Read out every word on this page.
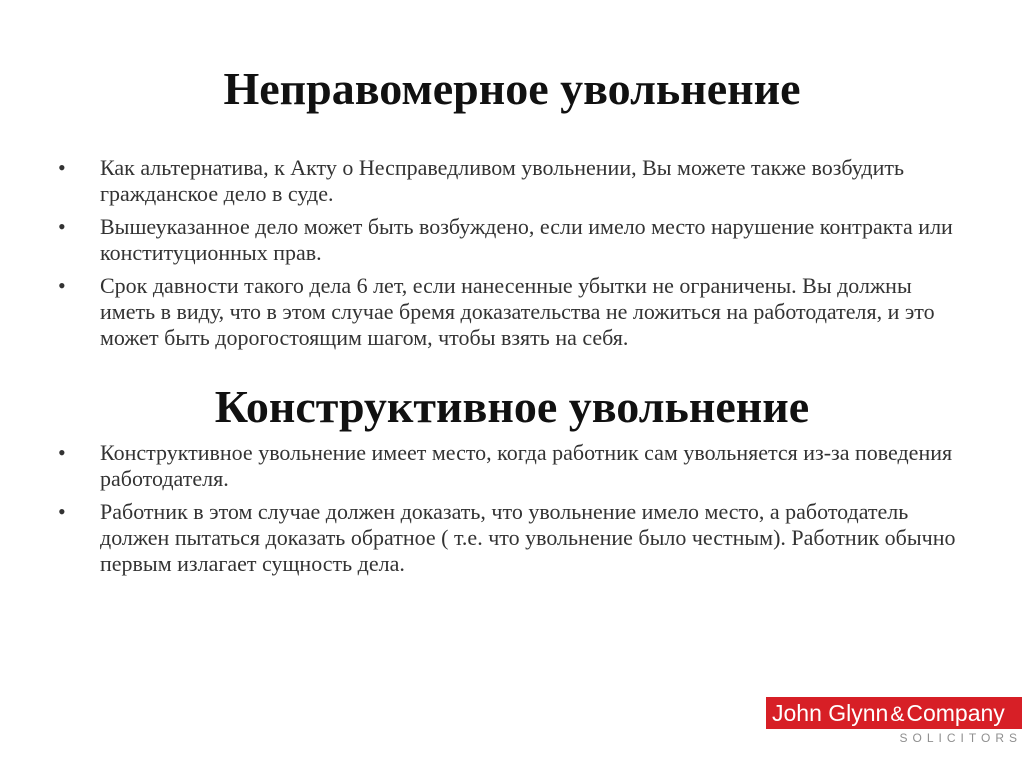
Неправомерное увольнение
•	Как альтернатива, к Акту о Несправедливом увольнении, Вы можете также возбудить гражданское дело в суде.
•	Вышеуказанное дело может быть возбуждено, если имело место нарушение контракта или конституционных прав.
•	Срок давности такого дела 6 лет, если нанесенные убытки не ограничены. Вы должны иметь в виду, что в этом случае бремя доказательства не ложиться на работодателя, и это может быть дорогостоящим шагом, чтобы взять на себя.
Конструктивное увольнение
•	Конструктивное увольнение имеет место, когда работник сам увольняется из-за поведения работодателя.
•	Работник в этом случае должен доказать, что увольнение имело место, а работодатель должен пытаться доказать обратное ( т.е. что увольнение было честным). Работник обычно первым излагает сущность дела.
John Glynn&Company
SOLICITORS
